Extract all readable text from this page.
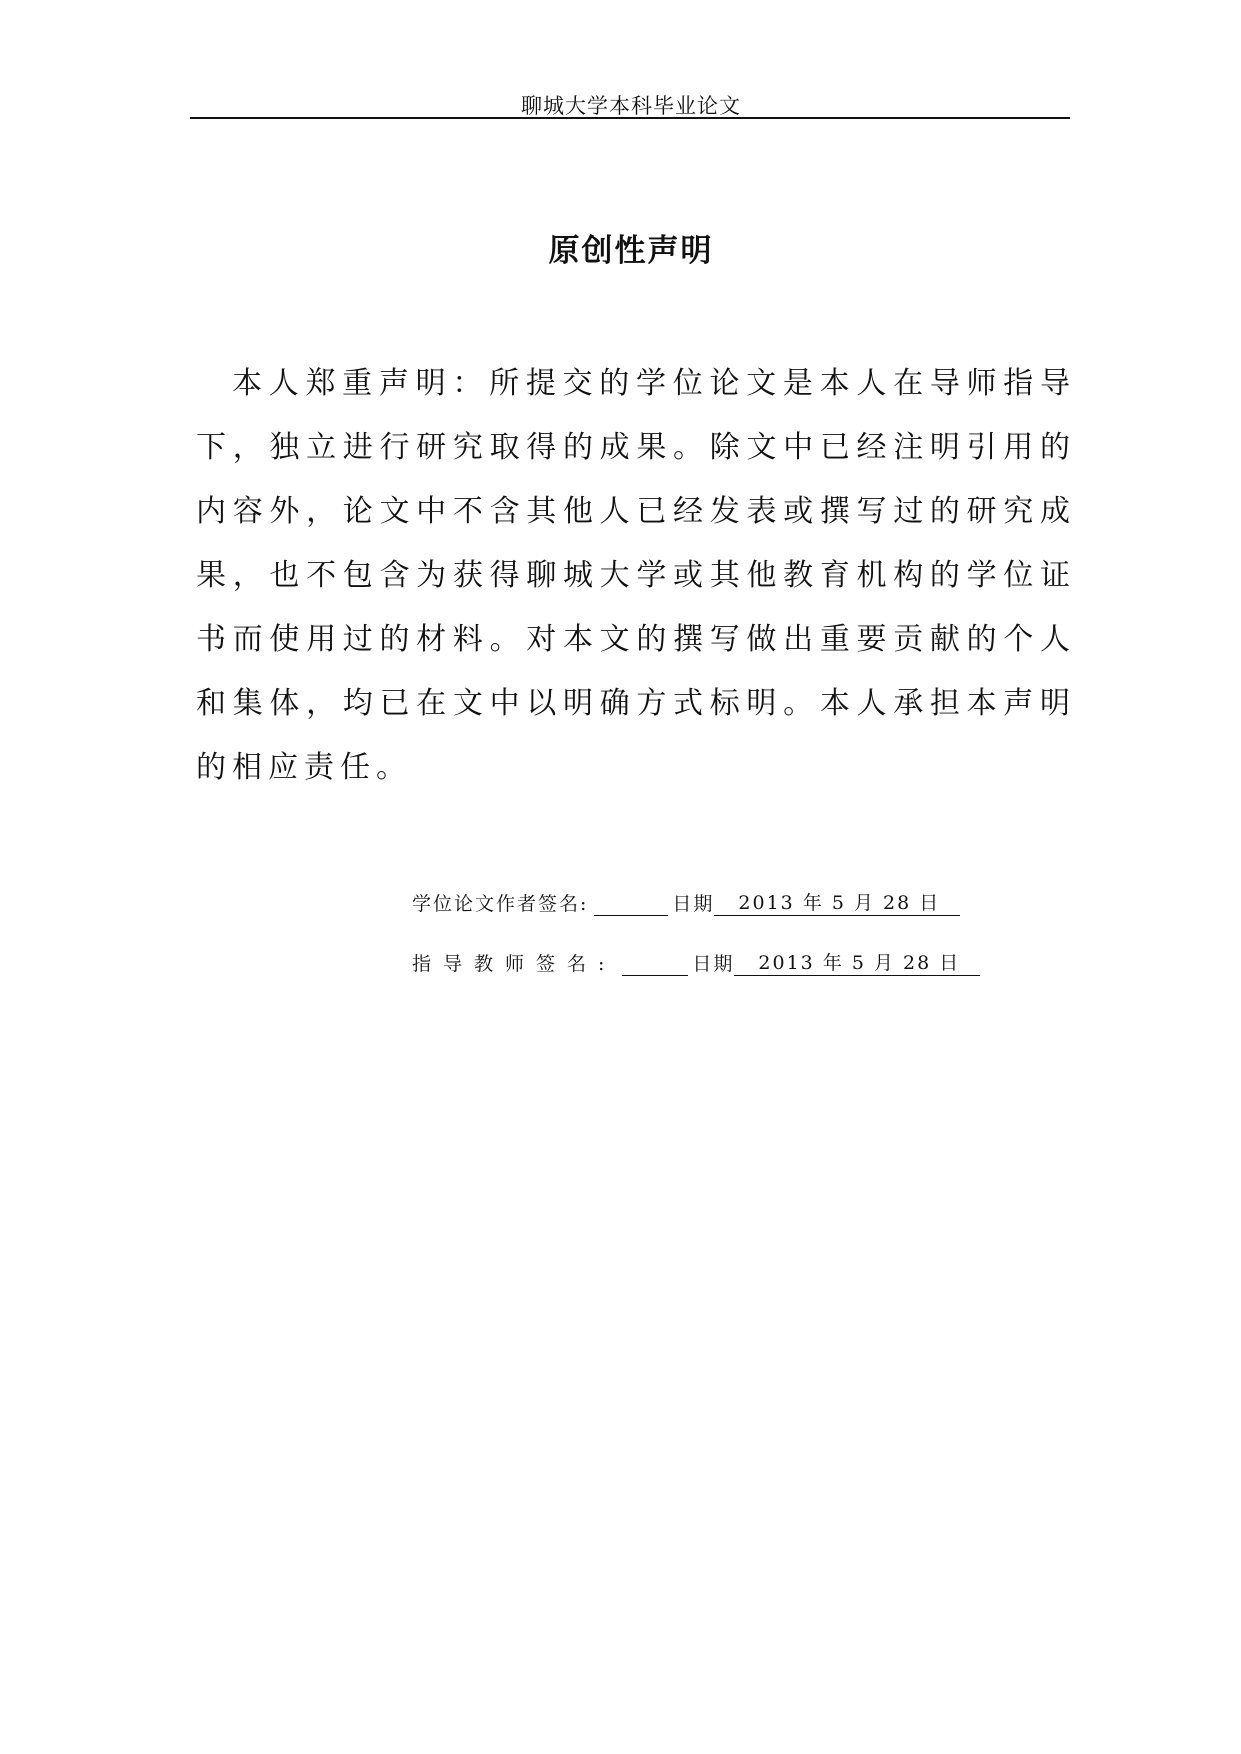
聊城大学本科毕业论文
原创性声明

本人郑重声明：所提交的学位论文是本人在导师指导下，独立进行研究取得的成果。除文中已经注明引用的内容外，论文中不含其他人已经发表或撰写过的研究成果，也不包含为获得聊城大学或其他教育机构的学位证书而使用过的材料。对本文的撰写做出重要贡献的个人和集体，均已在文中以明确方式标明。本人承担本声明的相应责任。

学位论文作者签名:	日期	2013 年 5 月 28 日
指导教师签名:	日期	2013 年 5 月 28 日
